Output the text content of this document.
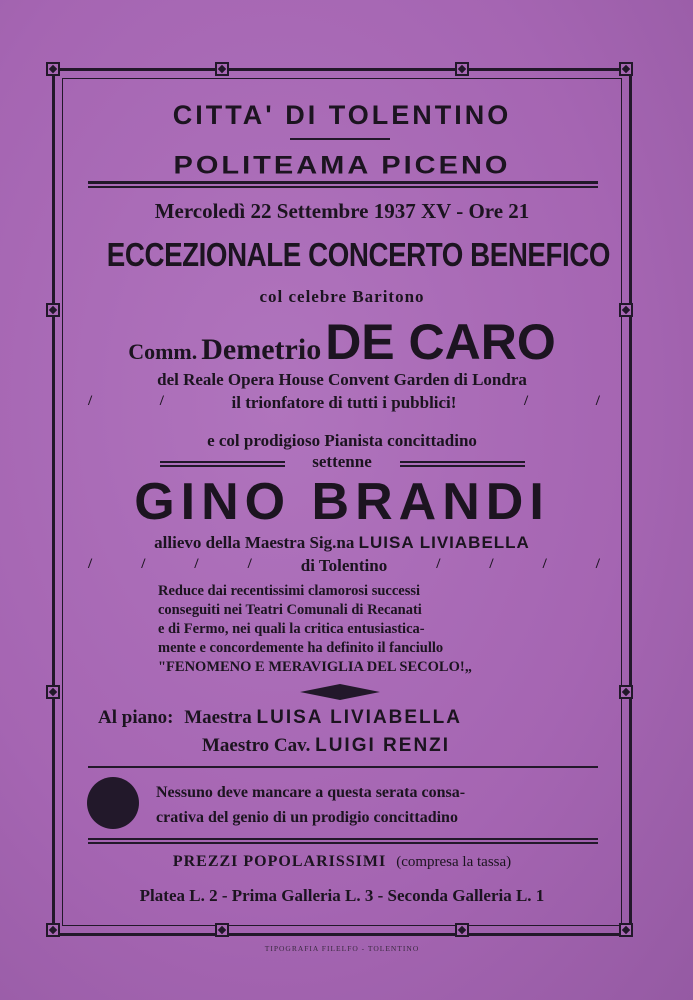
CITTA' DI TOLENTINO
POLITEAMA PICENO
Mercoledì 22 Settembre 1937 XV - Ore 21
ECCEZIONALE CONCERTO BENEFICO
col celebre Baritono
Comm. Demetrio DE CARO
del Reale Opera House Convent Garden di Londra
/	/	il trionfatore di tutti i pubblici!	/	/
e col prodigioso Pianista concittadino
settenne
GINO BRANDI
allievo della Maestra Sig.na LUISA LIVIABELLA
/	/	/	/	di Tolentino	/	/	/	/
Reduce dai recentissimi clamorosi successi
conseguiti nei Teatri Comunali di Recanati
e di Fermo, nei quali la critica entusiastica-
mente e concordemente ha definito il fanciullo
"FENOMENO E MERAVIGLIA DEL SECOLO!„
Al piano: Maestra LUISA LIVIABELLA
Maestro Cav. LUIGI RENZI
Nessuno deve mancare a questa serata consa-
crativa del genio di un prodigio concittadino
PREZZI POPOLARISSIMI (compresa la tassa)
Platea L. 2 - Prima Galleria L. 3 - Seconda Galleria L. 1
TIPOGRAFIA FILELFO - TOLENTINO
